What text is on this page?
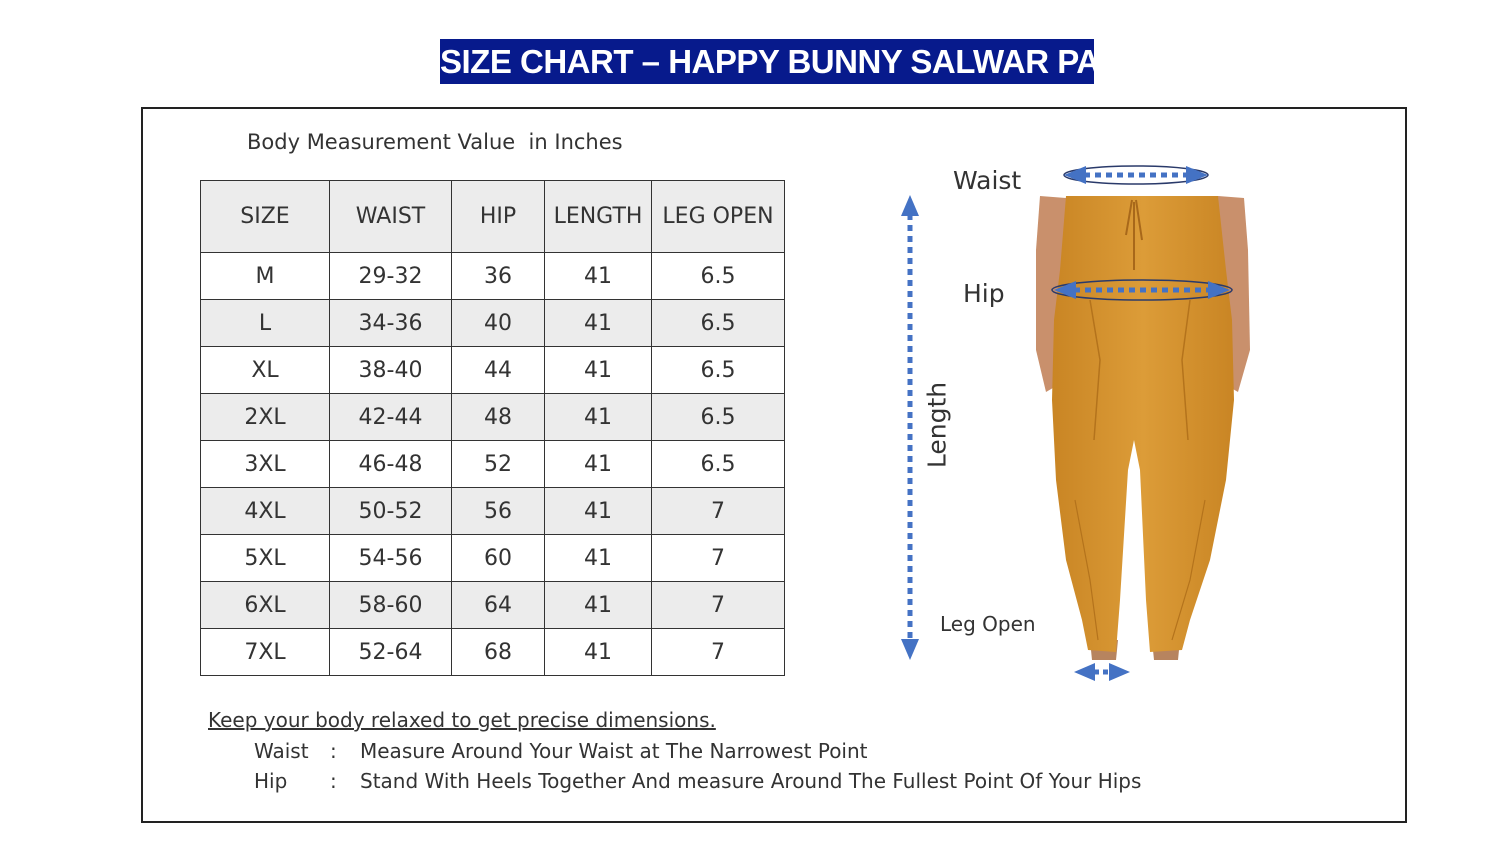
SIZE CHART – HAPPY BUNNY SALWAR PANT
Body Measurement Value  in Inches
SIZE	WAIST	HIP	LENGTH	LEG OPEN
M	29-32	36	41	6.5
L	34-36	40	41	6.5
XL	38-40	44	41	6.5
2XL	42-44	48	41	6.5
3XL	46-48	52	41	6.5
4XL	50-52	56	41	7
5XL	54-56	60	41	7
6XL	58-60	64	41	7
7XL	52-64	68	41	7
Keep your body relaxed to get precise dimensions.
Waist : Measure Around Your Waist at The Narrowest Point
Hip : Stand With Heels Together And measure Around The Fullest Point Of Your Hips
Waist
Hip
Length
Leg Open
